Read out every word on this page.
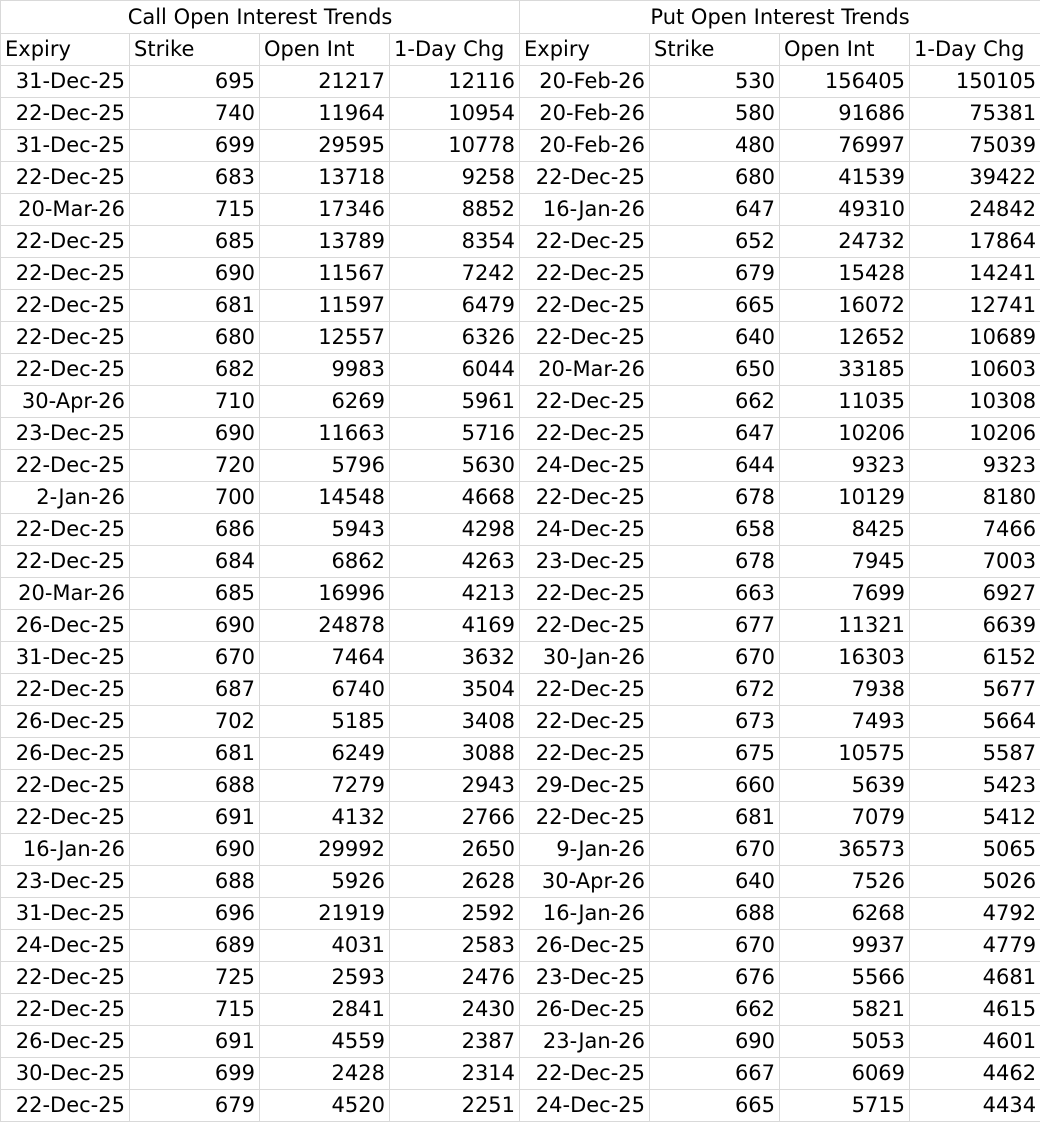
Call Open Interest Trends				Put Open Interest Trends			
Expiry	Strike	Open Int	1-Day Chg	Expiry	Strike	Open Int	1-Day Chg
31-Dec-25	695	21217	12116	20-Feb-26	530	156405	150105
22-Dec-25	740	11964	10954	20-Feb-26	580	91686	75381
31-Dec-25	699	29595	10778	20-Feb-26	480	76997	75039
22-Dec-25	683	13718	9258	22-Dec-25	680	41539	39422
20-Mar-26	715	17346	8852	16-Jan-26	647	49310	24842
22-Dec-25	685	13789	8354	22-Dec-25	652	24732	17864
22-Dec-25	690	11567	7242	22-Dec-25	679	15428	14241
22-Dec-25	681	11597	6479	22-Dec-25	665	16072	12741
22-Dec-25	680	12557	6326	22-Dec-25	640	12652	10689
22-Dec-25	682	9983	6044	20-Mar-26	650	33185	10603
30-Apr-26	710	6269	5961	22-Dec-25	662	11035	10308
23-Dec-25	690	11663	5716	22-Dec-25	647	10206	10206
22-Dec-25	720	5796	5630	24-Dec-25	644	9323	9323
2-Jan-26	700	14548	4668	22-Dec-25	678	10129	8180
22-Dec-25	686	5943	4298	24-Dec-25	658	8425	7466
22-Dec-25	684	6862	4263	23-Dec-25	678	7945	7003
20-Mar-26	685	16996	4213	22-Dec-25	663	7699	6927
26-Dec-25	690	24878	4169	22-Dec-25	677	11321	6639
31-Dec-25	670	7464	3632	30-Jan-26	670	16303	6152
22-Dec-25	687	6740	3504	22-Dec-25	672	7938	5677
26-Dec-25	702	5185	3408	22-Dec-25	673	7493	5664
26-Dec-25	681	6249	3088	22-Dec-25	675	10575	5587
22-Dec-25	688	7279	2943	29-Dec-25	660	5639	5423
22-Dec-25	691	4132	2766	22-Dec-25	681	7079	5412
16-Jan-26	690	29992	2650	9-Jan-26	670	36573	5065
23-Dec-25	688	5926	2628	30-Apr-26	640	7526	5026
31-Dec-25	696	21919	2592	16-Jan-26	688	6268	4792
24-Dec-25	689	4031	2583	26-Dec-25	670	9937	4779
22-Dec-25	725	2593	2476	23-Dec-25	676	5566	4681
22-Dec-25	715	2841	2430	26-Dec-25	662	5821	4615
26-Dec-25	691	4559	2387	23-Jan-26	690	5053	4601
30-Dec-25	699	2428	2314	22-Dec-25	667	6069	4462
22-Dec-25	679	4520	2251	24-Dec-25	665	5715	4434
